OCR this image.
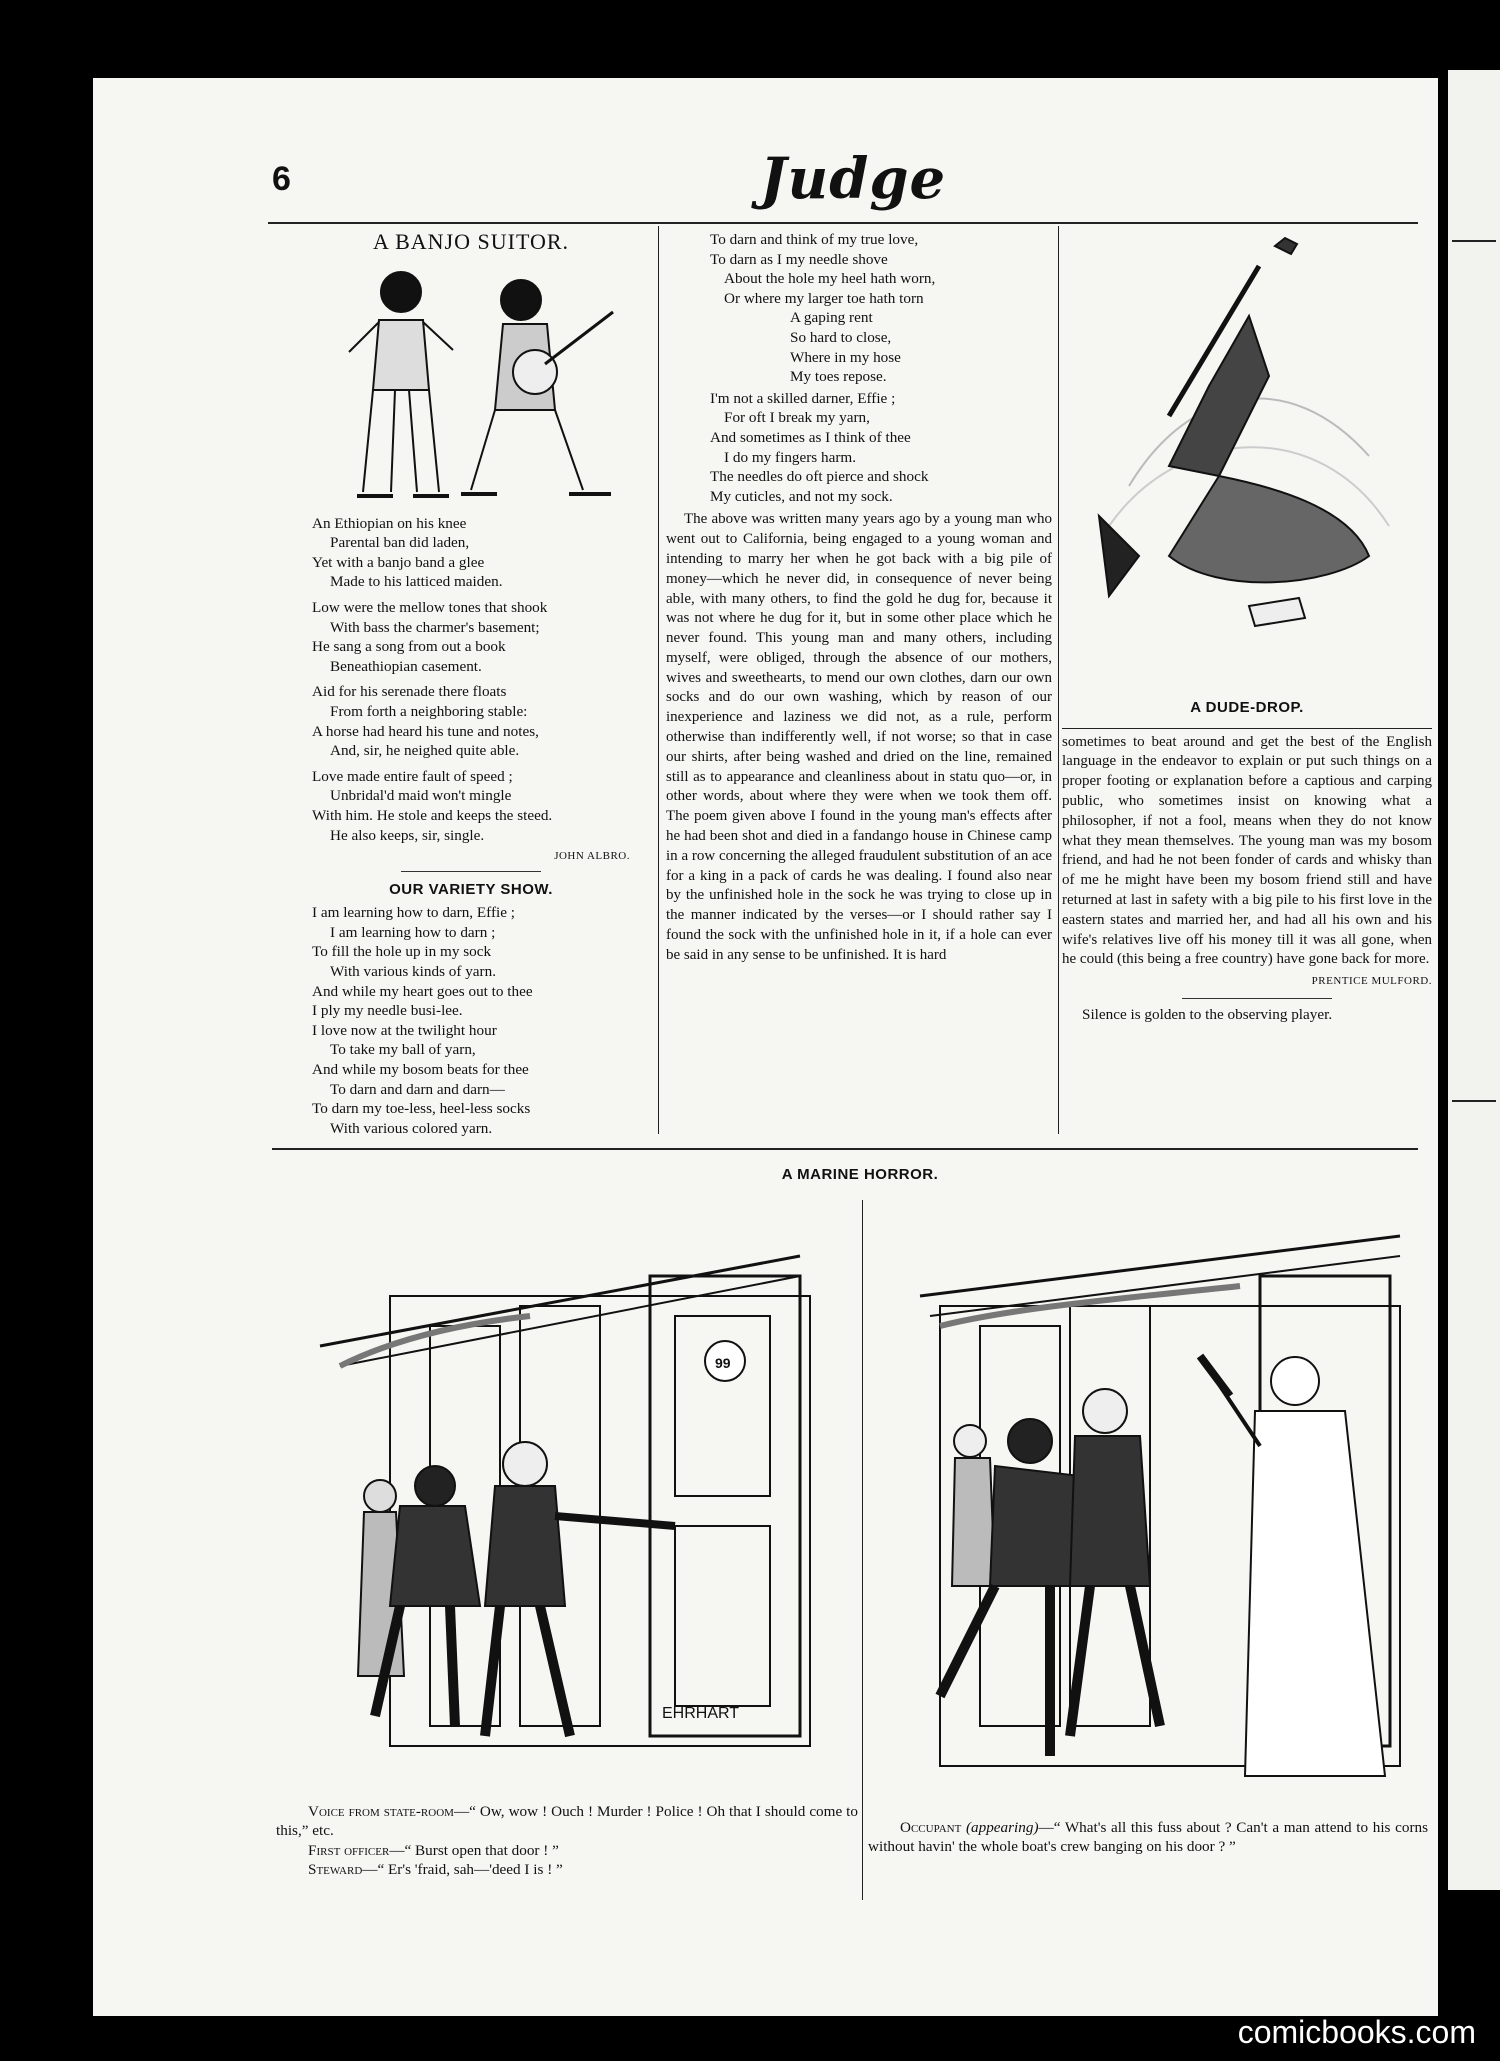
6	Judge
A BANJO SUITOR.

An Ethiopian on his knee

Parental ban did laden,

Yet with a banjo band a glee

Made to his latticed maiden.

Low were the mellow tones that shook

With bass the charmer's basement;

He sang a song from out a book

Beneathiopian casement.

Aid for his serenade there floats

From forth a neighboring stable:

A horse had heard his tune and notes,

And, sir, he neighed quite able.

Love made entire fault of speed ;

Unbridal'd maid won't mingle

With him. He stole and keeps the steed.

He also keeps, sir, single.

JOHN ALBRO.
OUR VARIETY SHOW.

I am learning how to darn, Effie ;

I am learning how to darn ;

To fill the hole up in my sock

With various kinds of yarn.

And while my heart goes out to thee

I ply my needle busi-lee.

I love now at the twilight hour

To take my ball of yarn,

And while my bosom beats for thee

To darn and darn and darn—

To darn my toe-less, heel-less socks

With various colored yarn.

To darn and think of my true love,

To darn as I my needle shove

About the hole my heel hath worn,

Or where my larger toe hath torn

A gaping rent

So hard to close,

Where in my hose

My toes repose.

I'm not a skilled darner, Effie ;

For oft I break my yarn,

And sometimes as I think of thee

I do my fingers harm.

The needles do oft pierce and shock

My cuticles, and not my sock.

The above was written many years ago by a young man who went out to California, being engaged to a young woman and intending to marry her when he got back with a big pile of money—which he never did, in consequence of never being able, with many others, to find the gold he dug for, because it was not where he dug for it, but in some other place which he never found. This young man and many others, including myself, were obliged, through the absence of our mothers, wives and sweethearts, to mend our own clothes, darn our own socks and do our own washing, which by reason of our inexperience and laziness we did not, as a rule, perform otherwise than indifferently well, if not worse; so that in case our shirts, after being washed and dried on the line, remained still as to appearance and cleanliness about in statu quo—or, in other words, about where they were when we took them off. The poem given above I found in the young man's effects after he had been shot and died in a fandango house in Chinese camp in a row concerning the alleged fraudulent substitution of an ace for a king in a pack of cards he was dealing. I found also near by the unfinished hole in the sock he was trying to close up in the manner indicated by the verses—or I should rather say I found the sock with the unfinished hole in it, if a hole can ever be said in any sense to be unfinished. It is hard

A DUDE-DROP.

sometimes to beat around and get the best of the English language in the endeavor to explain or put such things on a proper footing or explanation before a captious and carping public, who sometimes insist on knowing what a philosopher, if not a fool, means when they do not know what they mean themselves. The young man was my bosom friend, and had he not been fonder of cards and whisky than of me he might have been my bosom friend still and have returned at last in safety with a big pile to his first love in the eastern states and married her, and had all his own and his wife's relatives live off his money till it was all gone, when he could (this being a free country) have gone back for more.

PRENTICE MULFORD.

Silence is golden to the observing player.

A MARINE HORROR.
99
EHRHART

Voice from state-room—“ Ow, wow ! Ouch ! Murder ! Police ! Oh that I should come to this,” etc.

First officer—“ Burst open that door ! ”

Steward—“ Er's 'fraid, sah—'deed I is ! ”

Occupant (appearing)—“ What's all this fuss about ? Can't a man attend to his corns without havin' the whole boat's crew banging on his door ? ”

comicbooks.com
